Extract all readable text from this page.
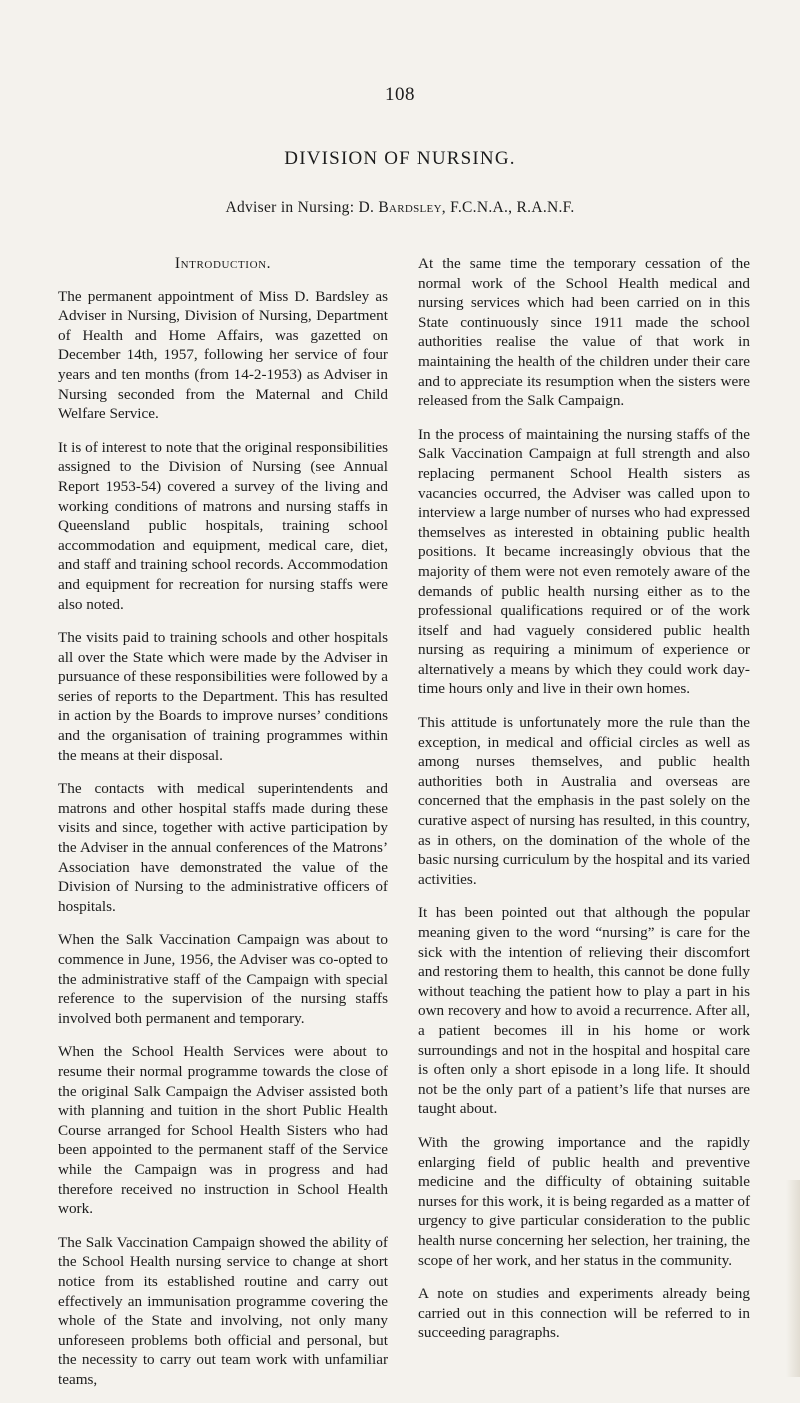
108
DIVISION OF NURSING.
Adviser in Nursing: D. Bardsley, F.C.N.A., R.A.N.F.
Introduction.

The permanent appointment of Miss D. Bardsley as Adviser in Nursing, Division of Nursing, Department of Health and Home Affairs, was gazetted on December 14th, 1957, following her service of four years and ten months (from 14-2-1953) as Adviser in Nursing seconded from the Maternal and Child Welfare Service.

It is of interest to note that the original responsibilities assigned to the Division of Nursing (see Annual Report 1953-54) covered a survey of the living and working conditions of matrons and nursing staffs in Queensland public hospitals, training school accommodation and equipment, medical care, diet, and staff and training school records. Accommodation and equipment for recreation for nursing staffs were also noted.

The visits paid to training schools and other hospitals all over the State which were made by the Adviser in pursuance of these responsibilities were followed by a series of reports to the Department. This has resulted in action by the Boards to improve nurses’ conditions and the organisation of training programmes within the means at their disposal.

The contacts with medical superintendents and matrons and other hospital staffs made during these visits and since, together with active participation by the Adviser in the annual conferences of the Matrons’ Association have demonstrated the value of the Division of Nursing to the administrative officers of hospitals.

When the Salk Vaccination Campaign was about to commence in June, 1956, the Adviser was co-opted to the administrative staff of the Campaign with special reference to the supervision of the nursing staffs involved both permanent and temporary.

When the School Health Services were about to resume their normal programme towards the close of the original Salk Campaign the Adviser assisted both with planning and tuition in the short Public Health Course arranged for School Health Sisters who had been appointed to the permanent staff of the Service while the Campaign was in progress and had therefore received no instruction in School Health work.

The Salk Vaccination Campaign showed the ability of the School Health nursing service to change at short notice from its established routine and carry out effectively an immunisation programme covering the whole of the State and involving, not only many unforeseen problems both official and personal, but the necessity to carry out team work with unfamiliar teams,

At the same time the temporary cessation of the normal work of the School Health medical and nursing services which had been carried on in this State continuously since 1911 made the school authorities realise the value of that work in maintaining the health of the children under their care and to appreciate its resumption when the sisters were released from the Salk Campaign.

In the process of maintaining the nursing staffs of the Salk Vaccination Campaign at full strength and also replacing permanent School Health sisters as vacancies occurred, the Adviser was called upon to interview a large number of nurses who had expressed themselves as interested in obtaining public health positions. It became increasingly obvious that the majority of them were not even remotely aware of the demands of public health nursing either as to the professional qualifications required or of the work itself and had vaguely considered public health nursing as requiring a minimum of experience or alternatively a means by which they could work day-time hours only and live in their own homes.

This attitude is unfortunately more the rule than the exception, in medical and official circles as well as among nurses themselves, and public health authorities both in Australia and overseas are concerned that the emphasis in the past solely on the curative aspect of nursing has resulted, in this country, as in others, on the domination of the whole of the basic nursing curriculum by the hospital and its varied activities.

It has been pointed out that although the popular meaning given to the word “nursing” is care for the sick with the intention of relieving their discomfort and restoring them to health, this cannot be done fully without teaching the patient how to play a part in his own recovery and how to avoid a recurrence. After all, a patient becomes ill in his home or work surroundings and not in the hospital and hospital care is often only a short episode in a long life. It should not be the only part of a patient’s life that nurses are taught about.

With the growing importance and the rapidly enlarging field of public health and preventive medicine and the difficulty of obtaining suitable nurses for this work, it is being regarded as a matter of urgency to give particular consideration to the public health nurse concerning her selection, her training, the scope of her work, and her status in the community.

A note on studies and experiments already being carried out in this connection will be referred to in succeeding paragraphs.
